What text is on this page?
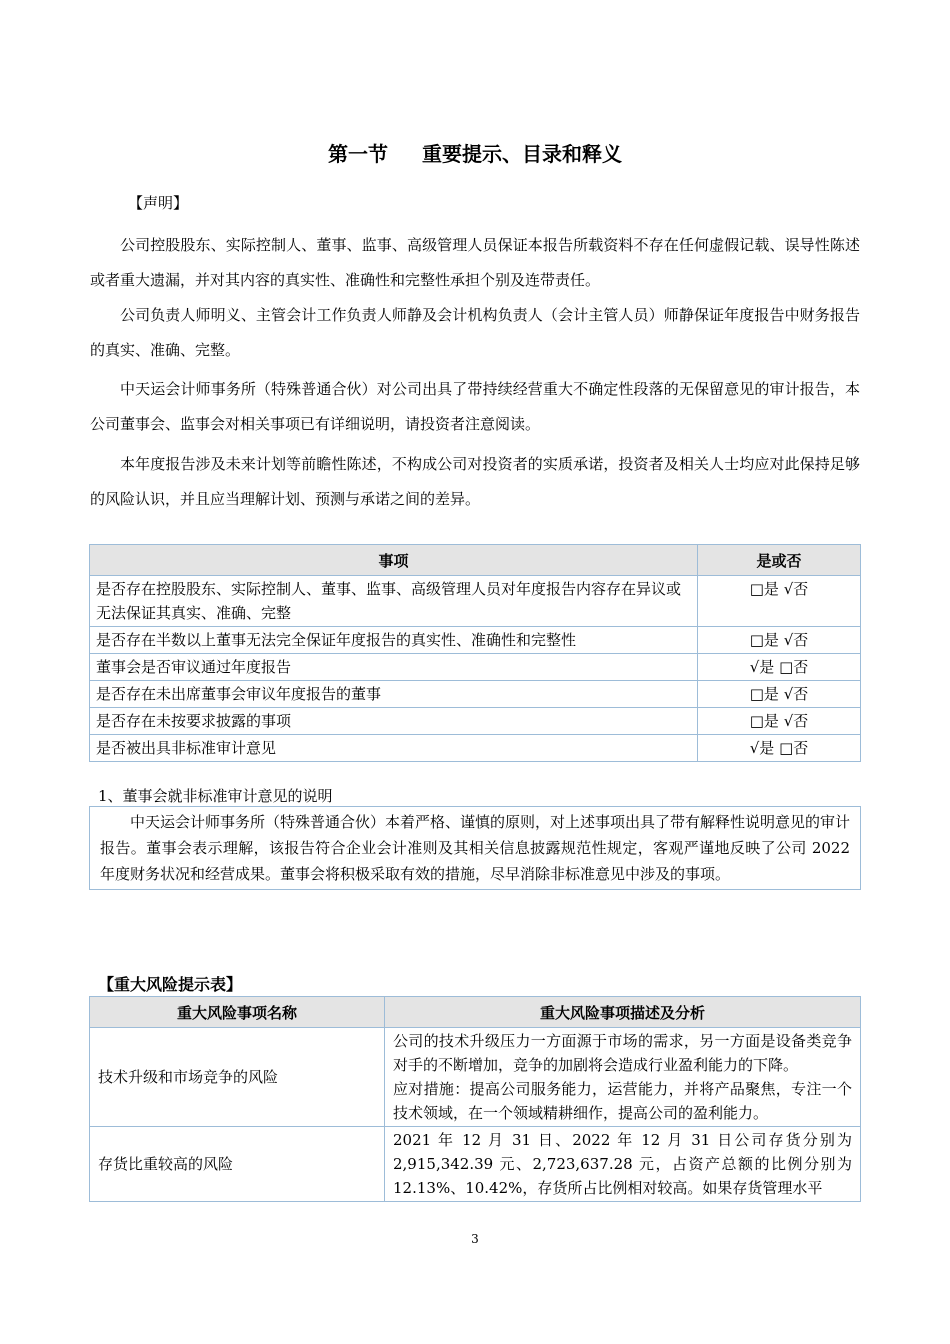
第一节 重要提示、目录和释义
【声明】

公司控股股东、实际控制人、董事、监事、高级管理人员保证本报告所载资料不存在任何虚假记载、误导性陈述或者重大遗漏，并对其内容的真实性、准确性和完整性承担个别及连带责任。

公司负责人师明义、主管会计工作负责人师静及会计机构负责人（会计主管人员）师静保证年度报告中财务报告的真实、准确、完整。

中天运会计师事务所（特殊普通合伙）对公司出具了带持续经营重大不确定性段落的无保留意见的审计报告，本公司董事会、监事会对相关事项已有详细说明，请投资者注意阅读。

本年度报告涉及未来计划等前瞻性陈述，不构成公司对投资者的实质承诺，投资者及相关人士均应对此保持足够的风险认识，并且应当理解计划、预测与承诺之间的差异。

事项	是或否
是否存在控股股东、实际控制人、董事、监事、高级管理人员对年度报告内容存在异议或无法保证其真实、准确、完整	□是 √否
是否存在半数以上董事无法完全保证年度报告的真实性、准确性和完整性	□是 √否
董事会是否审议通过年度报告	√是 □否
是否存在未出席董事会审议年度报告的董事	□是 √否
是否存在未按要求披露的事项	□是 √否
是否被出具非标准审计意见	√是 □否
1、董事会就非标准审计意见的说明
中天运会计师事务所（特殊普通合伙）本着严格、谨慎的原则，对上述事项出具了带有解释性说明意见的审计报告。董事会表示理解，该报告符合企业会计准则及其相关信息披露规范性规定，客观严谨地反映了公司 2022 年度财务状况和经营成果。董事会将积极采取有效的措施，尽早消除非标准意见中涉及的事项。
【重大风险提示表】
重大风险事项名称	重大风险事项描述及分析
技术升级和市场竞争的风险	公司的技术升级压力一方面源于市场的需求，另一方面是设备类竞争对手的不断增加，竞争的加剧将会造成行业盈利能力的下降。
应对措施：提高公司服务能力，运营能力，并将产品聚焦，专注一个技术领域，在一个领域精耕细作，提高公司的盈利能力。

存货比重较高的风险	2021 年 12 月 31 日、2022 年 12 月 31 日公司存货分别为 2,915,342.39 元、2,723,637.28 元，占资产总额的比例分别为 12.13%、10.42%，存货所占比例相对较高。如果存货管理水平
3
